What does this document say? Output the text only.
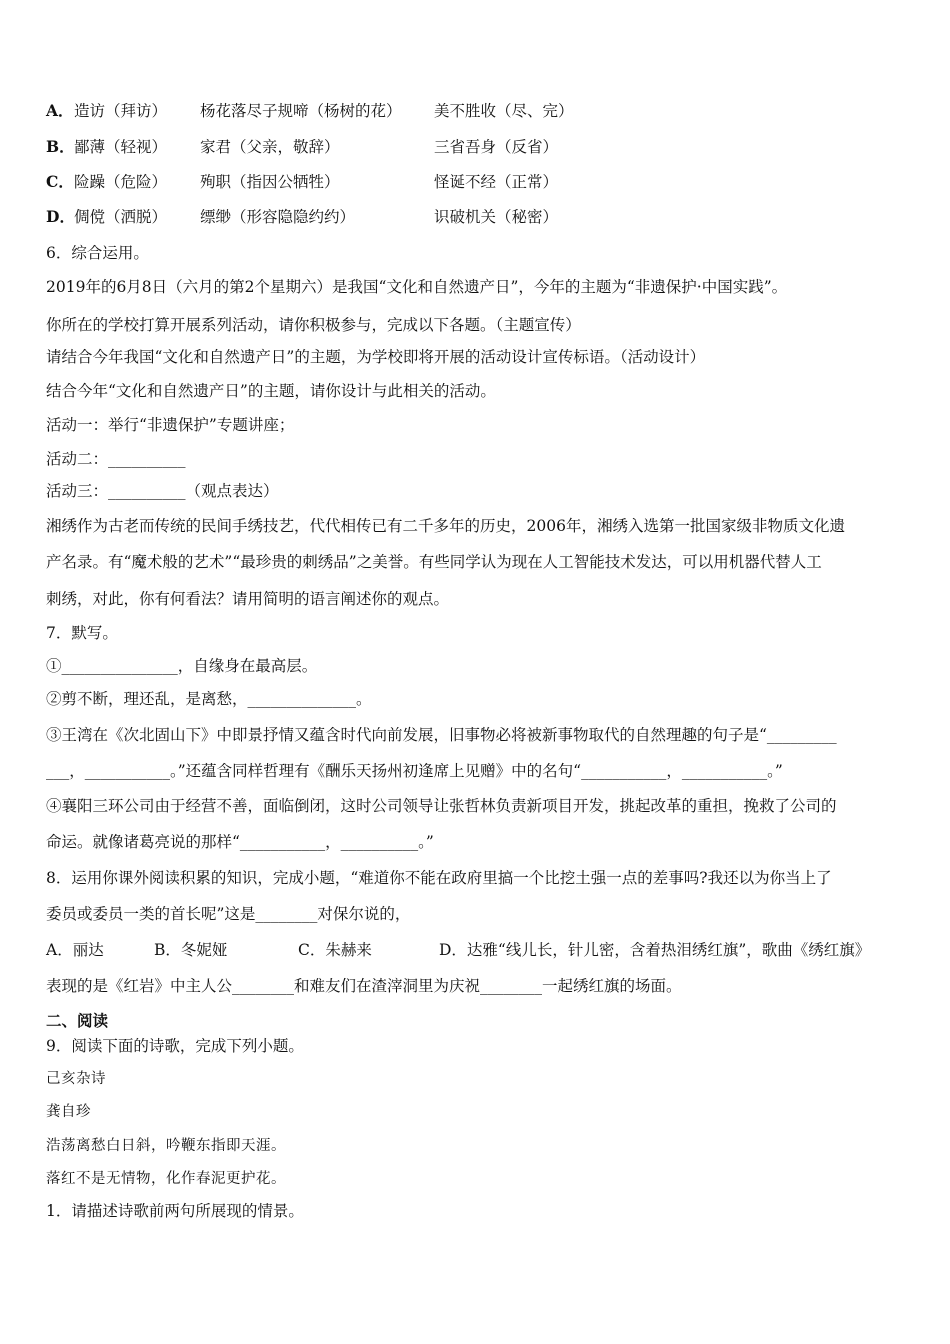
A． 造访（拜访） 杨花落尽子规啼（杨树的花） 美不胜收（尽、完）
B． 鄙薄（轻视） 家君（父亲，敬辞）	三省吾身（反省）
C． 险躁（危险） 殉职（指因公牺牲）	怪诞不经（正常）
D． 倜傥（洒脱） 缥缈（形容隐隐约约）	识破机关（秘密）
6．综合运用。
2019年的6月8日（六月的第2个星期六）是我国“文化和自然遗产日”，今年的主题为“非遗保护·中国实践”。
你所在的学校打算开展系列活动，请你积极参与，完成以下各题。（主题宣传）
请结合今年我国“文化和自然遗产日”的主题，为学校即将开展的活动设计宣传标语。（活动设计）
结合今年“文化和自然遗产日”的主题，请你设计与此相关的活动。
活动一：举行“非遗保护”专题讲座；
活动二：__________
活动三：__________（观点表达）
湘绣作为古老而传统的民间手绣技艺，代代相传已有二千多年的历史，2006年，湘绣入选第一批国家级非物质文化遗
产名录。有“魔术般的艺术”“最珍贵的刺绣品”之美誉。有些同学认为现在人工智能技术发达，可以用机器代替人工
刺绣，对此，你有何看法？请用简明的语言阐述你的观点。
7．默写。
①_______________，自缘身在最高层。
②剪不断，理还乱，是离愁，______________。
③王湾在《次北固山下》中即景抒情又蕴含时代向前发展，旧事物必将被新事物取代的自然理趣的句子是“_________
___，___________。”还蕴含同样哲理有《酬乐天扬州初逢席上见赠》中的名句“___________，___________。”
④襄阳三环公司由于经营不善，面临倒闭，这时公司领导让张哲林负责新项目开发，挑起改革的重担，挽救了公司的
命运。就像诸葛亮说的那样“___________，__________。”
8．运用你课外阅读积累的知识，完成小题，“难道你不能在政府里搞一个比挖土强一点的差事吗?我还以为你当上了
委员或委员一类的首长呢”这是________对保尔说的，
A．丽达	B．冬妮娅	C．朱赫来	D．达雅“线儿长，针儿密，含着热泪绣红旗”，歌曲《绣红旗》
表现的是《红岩》中主人公________和难友们在渣滓洞里为庆祝________一起绣红旗的场面。
二、阅读
9．阅读下面的诗歌，完成下列小题。
己亥杂诗
龚自珍
浩荡离愁白日斜，吟鞭东指即天涯。
落红不是无情物，化作春泥更护花。
1．请描述诗歌前两句所展现的情景。
